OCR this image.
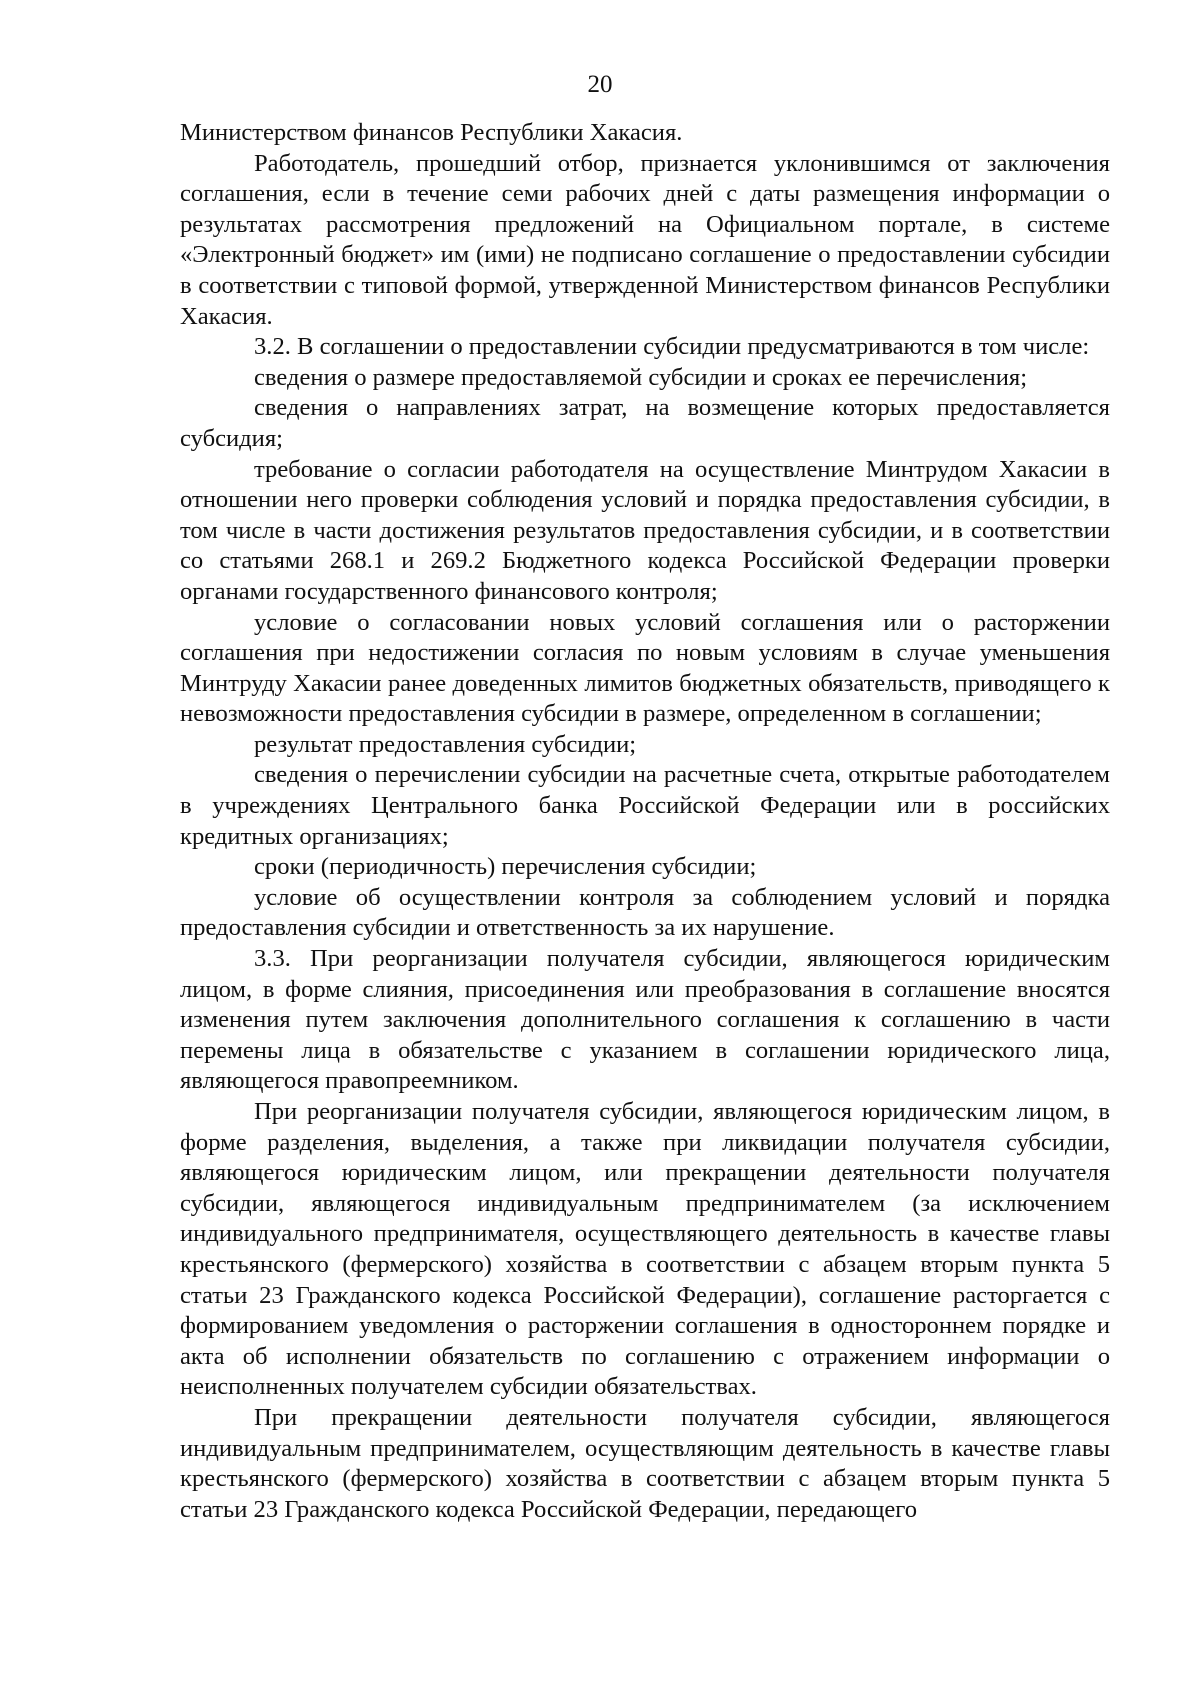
20

Министерством финансов Республики Хакасия.

Работодатель, прошедший отбор, признается уклонившимся от заключения соглашения, если в течение семи рабочих дней с даты размещения информации о результатах рассмотрения предложений на Официальном портале, в системе «Электронный бюджет» им (ими) не подписано соглашение о предоставлении субсидии в соответствии с типовой формой, утвержденной Министерством финансов Республики Хакасия.

3.2. В соглашении о предоставлении субсидии предусматриваются в том числе:

сведения о размере предоставляемой субсидии и сроках ее перечисления;

сведения о направлениях затрат, на возмещение которых предоставляется субсидия;

требование о согласии работодателя на осуществление Минтрудом Хакасии в отношении него проверки соблюдения условий и порядка предоставления субсидии, в том числе в части достижения результатов предоставления субсидии, и в соответствии со статьями 268.1 и 269.2 Бюджетного кодекса Российской Федерации проверки органами государственного финансового контроля;

условие о согласовании новых условий соглашения или о расторжении соглашения при недостижении согласия по новым условиям в случае уменьшения Минтруду Хакасии ранее доведенных лимитов бюджетных обязательств, приводящего к невозможности предоставления субсидии в размере, определенном в соглашении;

результат предоставления субсидии;

сведения о перечислении субсидии на расчетные счета, открытые работодателем в учреждениях Центрального банка Российской Федерации или в российских кредитных организациях;

сроки (периодичность) перечисления субсидии;

условие об осуществлении контроля за соблюдением условий и порядка предоставления субсидии и ответственность за их нарушение.

3.3. При реорганизации получателя субсидии, являющегося юридическим лицом, в форме слияния, присоединения или преобразования в соглашение вносятся изменения путем заключения дополнительного соглашения к соглашению в части перемены лица в обязательстве с указанием в соглашении юридического лица, являющегося правопреемником.

При реорганизации получателя субсидии, являющегося юридическим лицом, в форме разделения, выделения, а также при ликвидации получателя субсидии, являющегося юридическим лицом, или прекращении деятельности получателя субсидии, являющегося индивидуальным предпринимателем (за исключением индивидуального предпринимателя, осуществляющего деятельность в качестве главы крестьянского (фермерского) хозяйства в соответствии с абзацем вторым пункта 5 статьи 23 Гражданского кодекса Российской Федерации), соглашение расторгается с формированием уведомления о расторжении соглашения в одностороннем порядке и акта об исполнении обязательств по соглашению с отражением информации о неисполненных получателем субсидии обязательствах.

При прекращении деятельности получателя субсидии, являющегося индивидуальным предпринимателем, осуществляющим деятельность в качестве главы крестьянского (фермерского) хозяйства в соответствии с абзацем вторым пункта 5 статьи 23 Гражданского кодекса Российской Федерации, передающего
